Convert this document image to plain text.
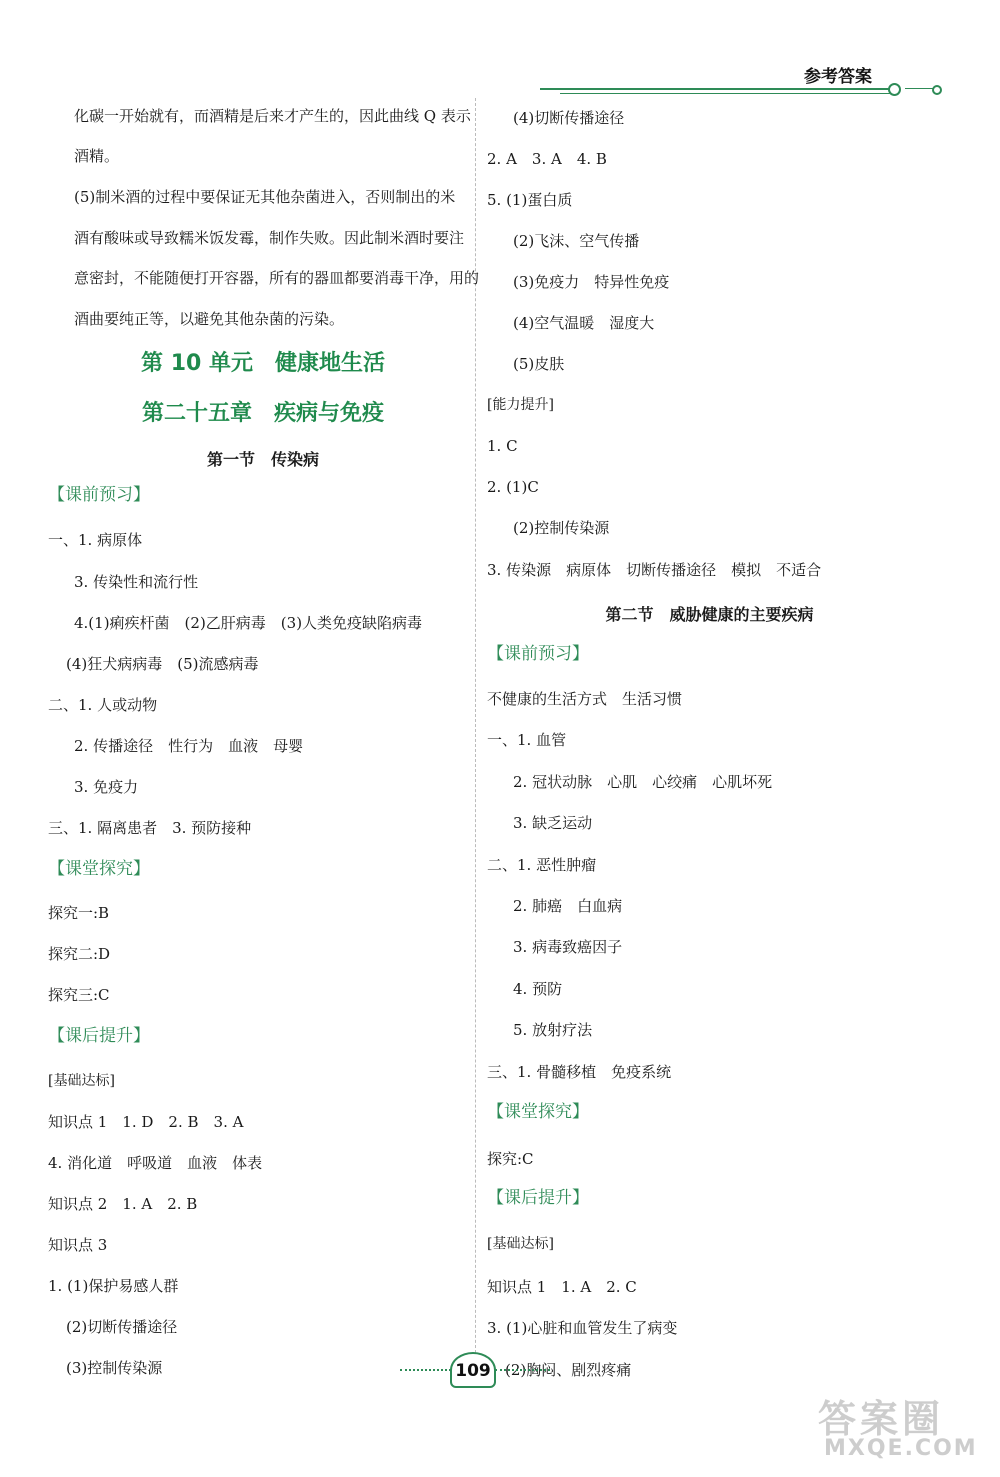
参考答案
化碳一开始就有，而酒精是后来才产生的，因此曲线 Q 表示
酒精。
(5)制米酒的过程中要保证无其他杂菌进入，否则制出的米
酒有酸味或导致糯米饭发霉，制作失败。因此制米酒时要注
意密封，不能随便打开容器，所有的器皿都要消毒干净，用的
酒曲要纯正等，以避免其他杂菌的污染。
第 10 单元　健康地生活
第二十五章　疾病与免疫
第一节　传染病
【课前预习】
一、1. 病原体
3. 传染性和流行性
4.(1)痢疾杆菌　(2)乙肝病毒　(3)人类免疫缺陷病毒
(4)狂犬病病毒　(5)流感病毒
二、1. 人或动物
2. 传播途径　性行为　血液　母婴
3. 免疫力
三、1. 隔离患者　3. 预防接种
【课堂探究】
探究一:B
探究二:D
探究三:C
【课后提升】
[基础达标]
知识点 1　1. D　2. B　3. A
4. 消化道　呼吸道　血液　体表
知识点 2　1. A　2. B
知识点 3
1. (1)保护易感人群
(2)切断传播途径
(3)控制传染源
(4)切断传播途径
2. A　3. A　4. B
5. (1)蛋白质
(2)飞沫、空气传播
(3)免疫力　特异性免疫
(4)空气温暖　湿度大
(5)皮肤
[能力提升]
1. C
2. (1)C
(2)控制传染源
3. 传染源　病原体　切断传播途径　模拟　不适合
第二节　威胁健康的主要疾病
【课前预习】
不健康的生活方式　生活习惯
一、1. 血管
2. 冠状动脉　心肌　心绞痛　心肌坏死
3. 缺乏运动
二、1. 恶性肿瘤
2. 肺癌　白血病
3. 病毒致癌因子
4. 预防
5. 放射疗法
三、1. 骨髓移植　免疫系统
【课堂探究】
探究:C
【课后提升】
[基础达标]
知识点 1　1. A　2. C
3. (1)心脏和血管发生了病变
(2)胸闷、剧烈疼痛
109
答案圈
MXQE.COM
